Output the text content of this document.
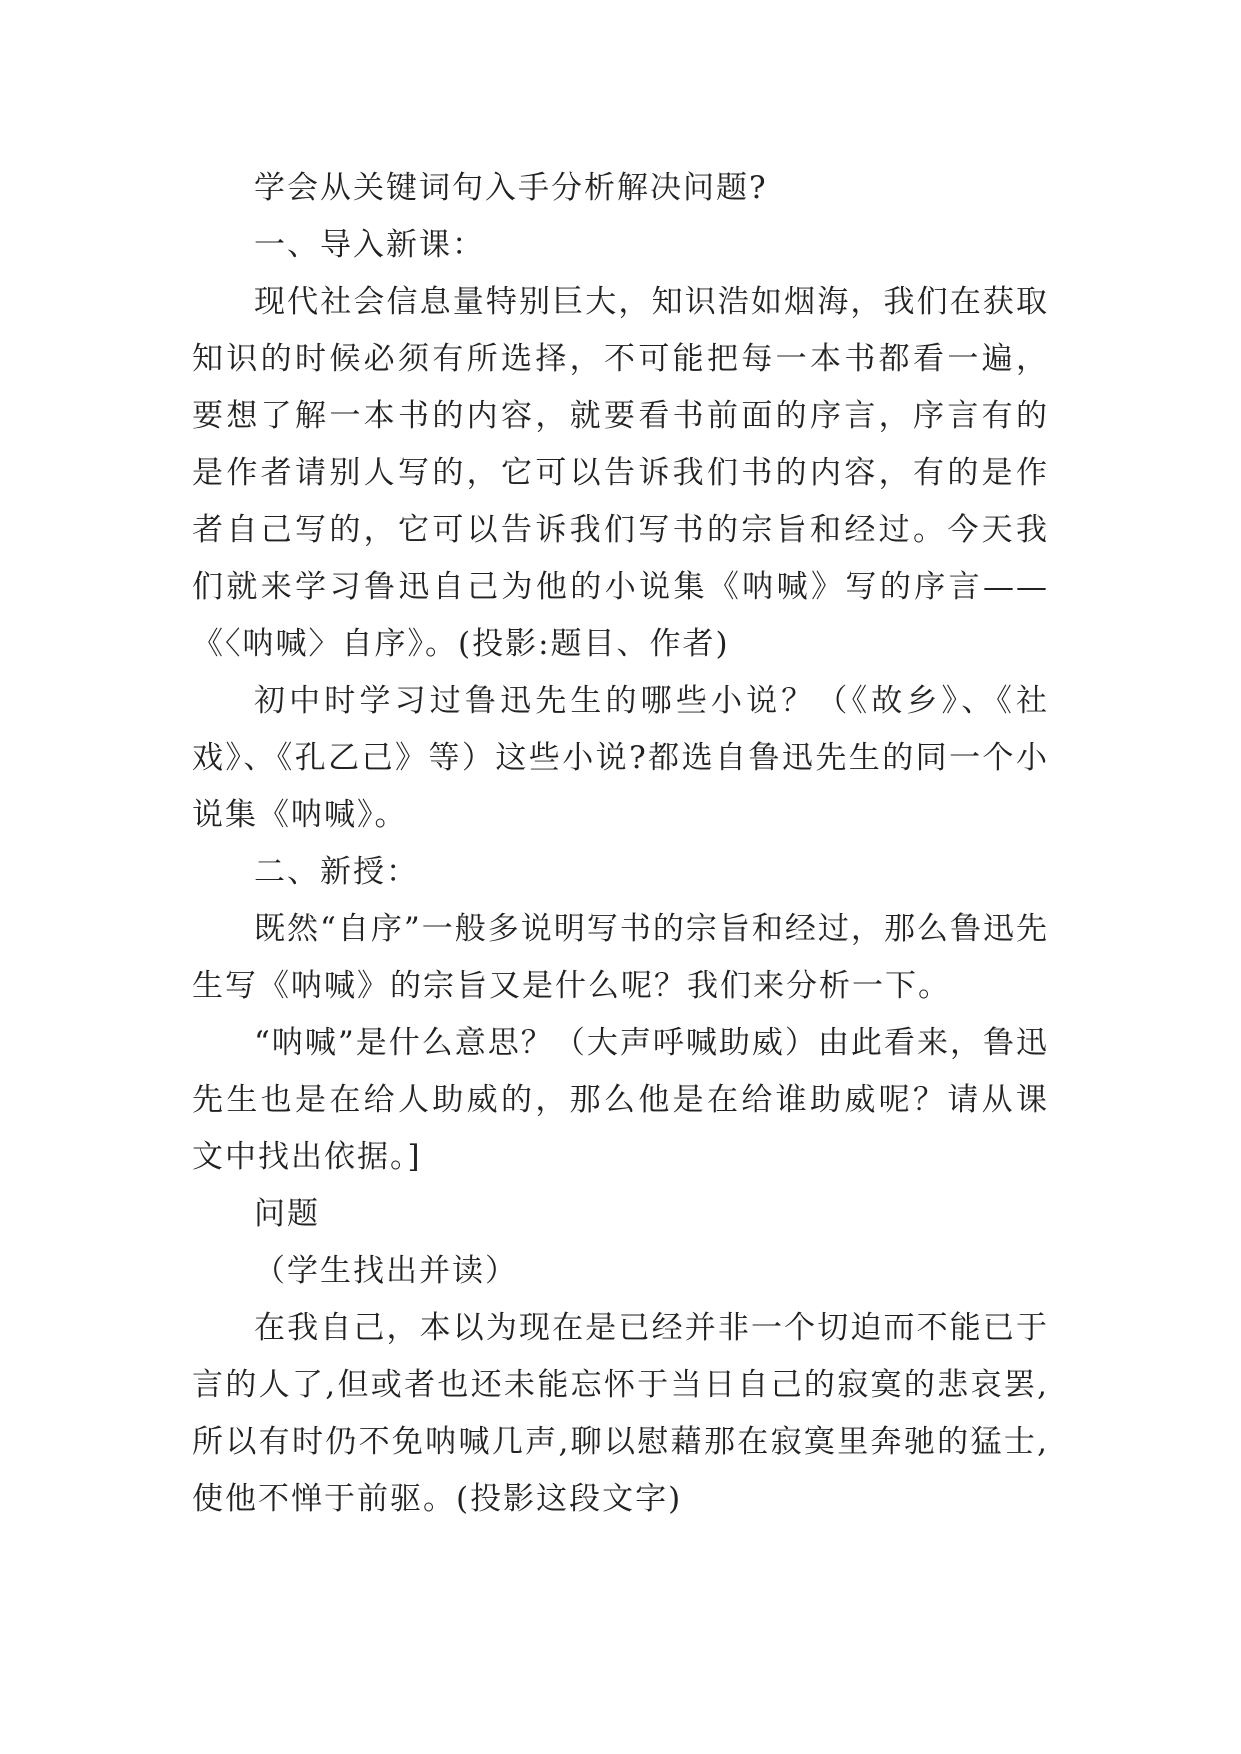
学会从关键词句入手分析解决问题?

一、导入新课：

现代社会信息量特别巨大，知识浩如烟海，我们在获取知识的时候必须有所选择，不可能把每一本书都看一遍，要想了解一本书的内容，就要看书前面的序言，序言有的是作者请别人写的，它可以告诉我们书的内容，有的是作者自己写的，它可以告诉我们写书的宗旨和经过。今天我们就来学习鲁迅自己为他的小说集《呐喊》写的序言——《〈呐喊〉自序》。(投影:题目、作者)

初中时学习过鲁迅先生的哪些小说？（《故乡》、《社戏》、《孔乙己》等）这些小说?都选自鲁迅先生的同一个小说集《呐喊》。

二、新授：

既然“自序”一般多说明写书的宗旨和经过，那么鲁迅先生写《呐喊》的宗旨又是什么呢？我们来分析一下。

“呐喊”是什么意思？（大声呼喊助威）由此看来，鲁迅先生也是在给人助威的，那么他是在给谁助威呢？请从课文中找出依据。]

问题

（学生找出并读）

在我自己，本以为现在是已经并非一个切迫而不能已于言的人了,但或者也还未能忘怀于当日自己的寂寞的悲哀罢,所以有时仍不免呐喊几声,聊以慰藉那在寂寞里奔驰的猛士,使他不惮于前驱。(投影这段文字)
